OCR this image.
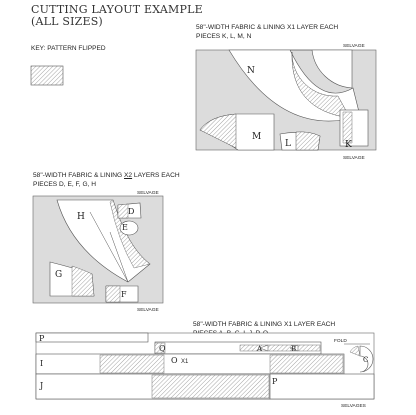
CUTTING LAYOUT EXAMPLE
(ALL SIZES)
KEY: PATTERN FLIPPED
58"-WIDTH FABRIC & LINING X1 LAYER EACH
PIECES K, L, M, N
58"-WIDTH FABRIC & LINING X2 LAYERS EACH
PIECES D, E, F, G, H
58"-WIDTH FABRIC & LINING X1 LAYER EACH
N
M
L	K
SELVAGE
SELVAGE
H
D
E
G
F
SELVAGE
SELVAGE
P
Q	A	B
C
I	O X1
J	P
FOLD
SELVAGES
